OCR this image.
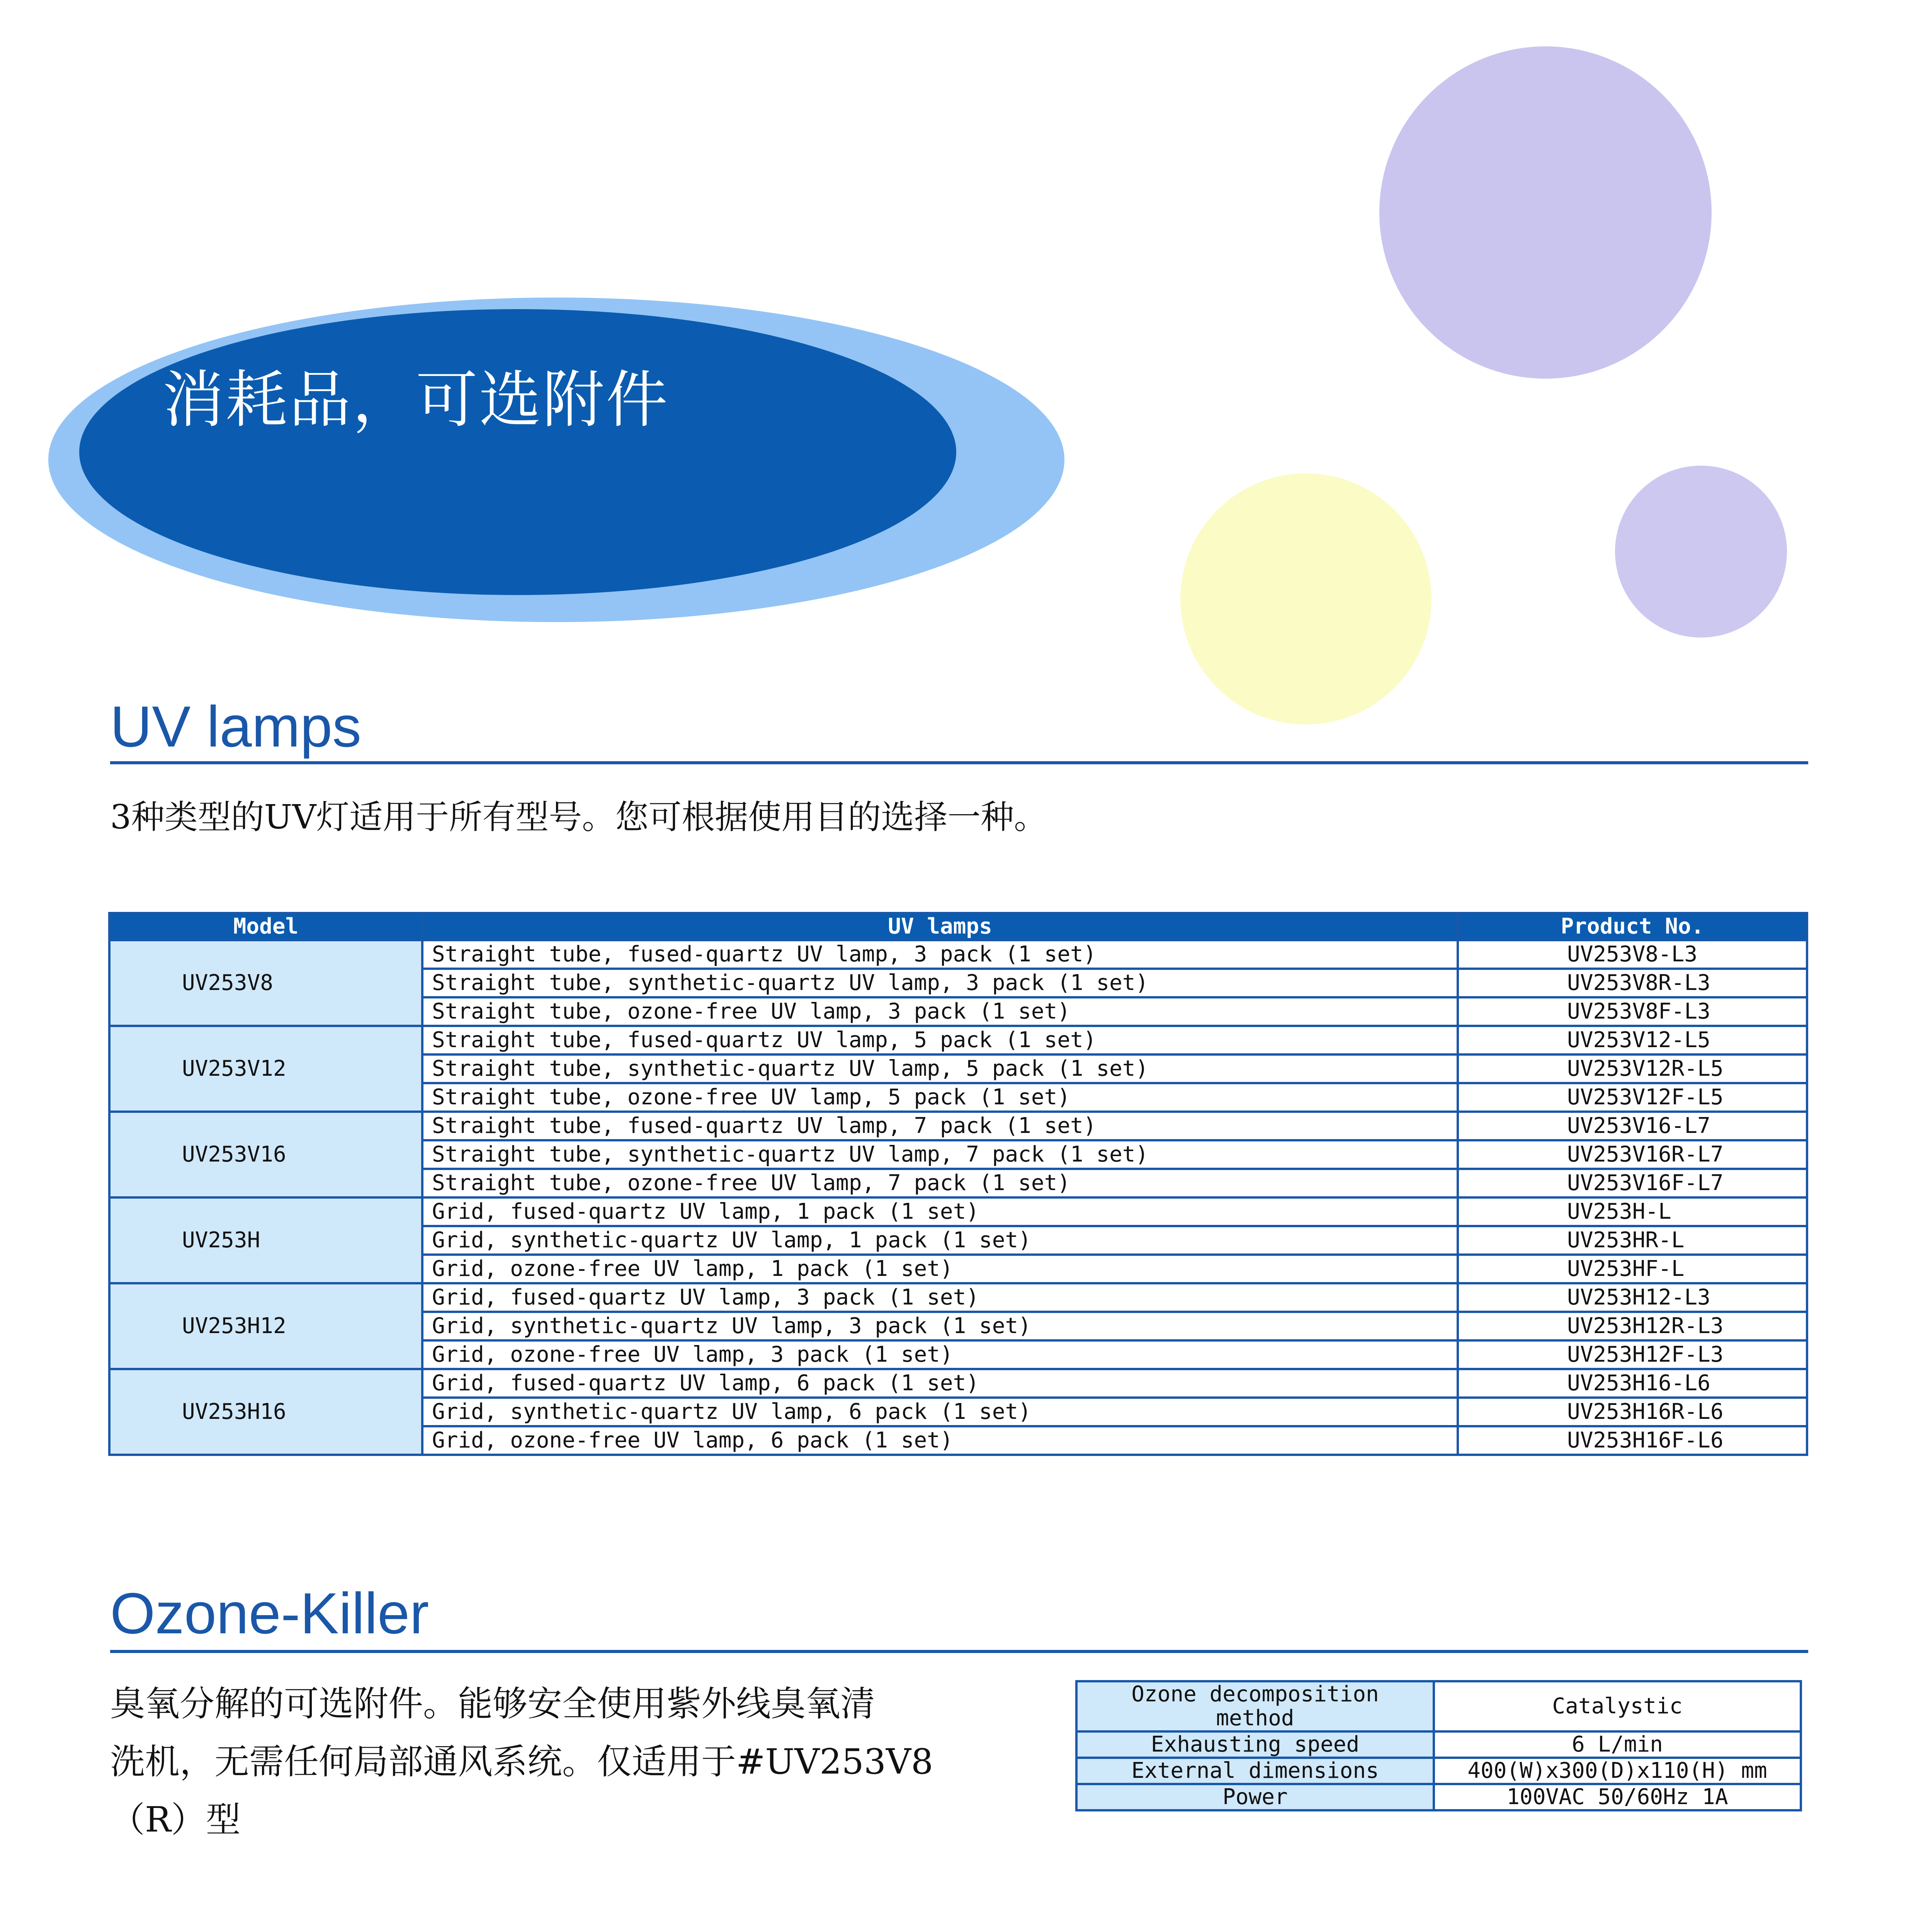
消耗品，可选附件
UV lamps
3种类型的UV灯适用于所有型号。您可根据使用目的选择一种。
Model	UV lamps	Product No.
UV253V8	Straight tube, fused-quartz UV lamp, 3 pack (1 set)	UV253V8-L3
	Straight tube, synthetic-quartz UV lamp, 3 pack (1 set)	UV253V8R-L3
	Straight tube, ozone-free UV lamp, 3 pack (1 set)	UV253V8F-L3
UV253V12	Straight tube, fused-quartz UV lamp, 5 pack (1 set)	UV253V12-L5
	Straight tube, synthetic-quartz UV lamp, 5 pack (1 set)	UV253V12R-L5
	Straight tube, ozone-free UV lamp, 5 pack (1 set)	UV253V12F-L5
UV253V16	Straight tube, fused-quartz UV lamp, 7 pack (1 set)	UV253V16-L7
	Straight tube, synthetic-quartz UV lamp, 7 pack (1 set)	UV253V16R-L7
	Straight tube, ozone-free UV lamp, 7 pack (1 set)	UV253V16F-L7
UV253H	Grid, fused-quartz UV lamp, 1 pack (1 set)	UV253H-L
	Grid, synthetic-quartz UV lamp, 1 pack (1 set)	UV253HR-L
	Grid, ozone-free UV lamp, 1 pack (1 set)	UV253HF-L
UV253H12	Grid, fused-quartz UV lamp, 3 pack (1 set)	UV253H12-L3
	Grid, synthetic-quartz UV lamp, 3 pack (1 set)	UV253H12R-L3
	Grid, ozone-free UV lamp, 3 pack (1 set)	UV253H12F-L3
UV253H16	Grid, fused-quartz UV lamp, 6 pack (1 set)	UV253H16-L6
	Grid, synthetic-quartz UV lamp, 6 pack (1 set)	UV253H16R-L6
	Grid, ozone-free UV lamp, 6 pack (1 set)	UV253H16F-L6
Ozone-Killer
臭氧分解的可选附件。能够安全使用紫外线臭氧清
洗机，无需任何局部通风系统。仅适用于#UV253V8
（R）型
Ozone decomposition
method	Catalystic
Exhausting speed	6 L/min
External dimensions	400(W)x300(D)x110(H) mm
Power	100VAC 50/60Hz 1A
